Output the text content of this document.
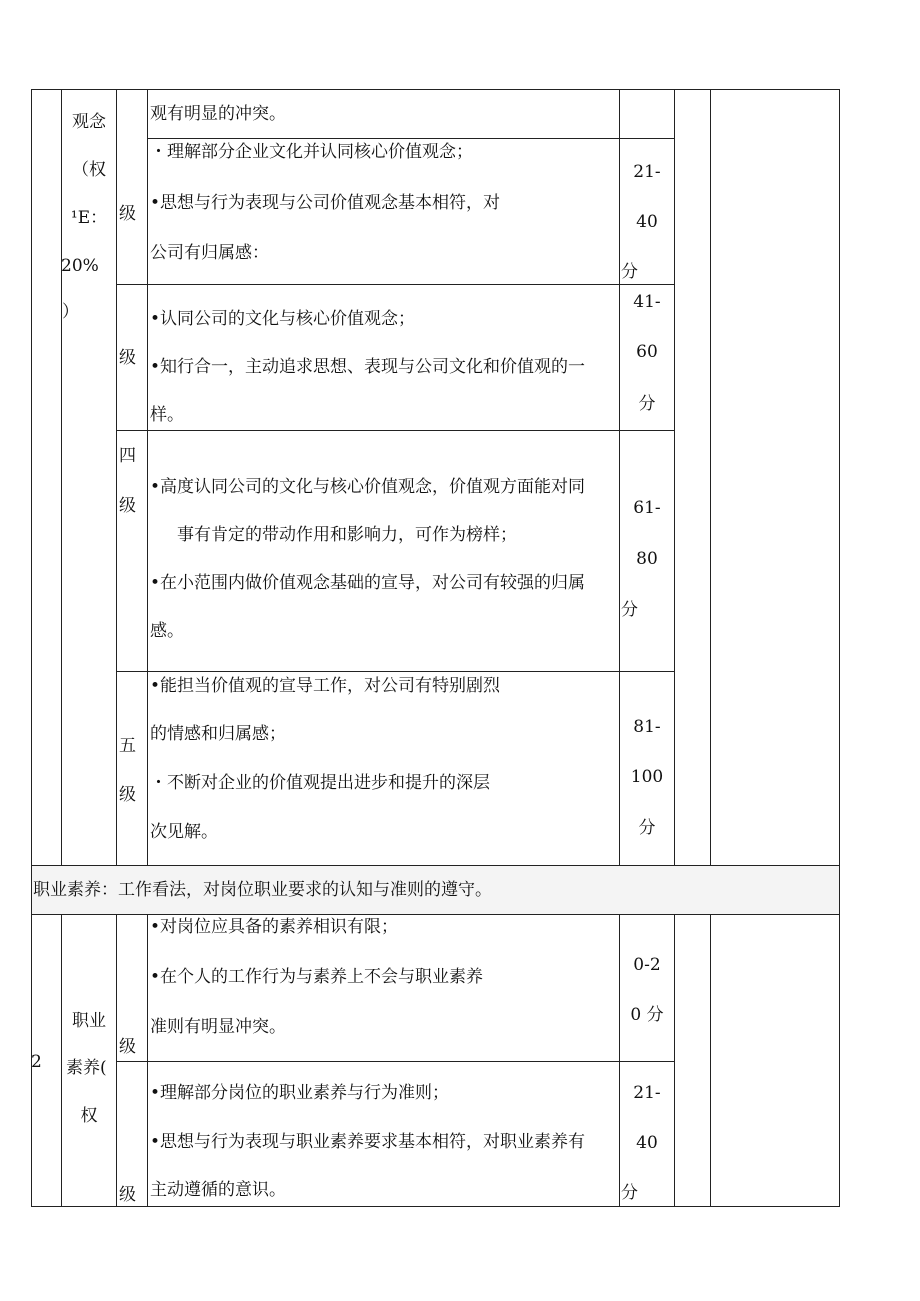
观念
（权
¹E：
20%
）
观有明显的冲突。
级
・理解部分企业文化并认同核心价值观念；
•思想与行为表现与公司价值观念基本相符，对
公司有归属感：
21-
40
分
级
•认同公司的文化与核心价值观念；
•知行合一，主动追求思想、表现与公司文化和价值观的一
样。
41-
60
分
四
级
•高度认同公司的文化与核心价值观念，价值观方面能对同
事有肯定的带动作用和影响力，可作为榜样；
•在小范围内做价值观念基础的宣导，对公司有较强的归属
感。
61-
80
分
五
级
•能担当价值观的宣导工作，对公司有特别剧烈
的情感和归属感；
・不断对企业的价值观提出进步和提升的深层
次见解。
81-
100
分
职业素养：工作看法，对岗位职业要求的认知与准则的遵守。
2
职业
素养(
权
级
•对岗位应具备的素养相识有限；
•在个人的工作行为与素养上不会与职业素养
准则有明显冲突。
0-2
0 分
级
•理解部分岗位的职业素养与行为准则；
•思想与行为表现与职业素养要求基本相符，对职业素养有
主动遵循的意识。
21-
40
分
